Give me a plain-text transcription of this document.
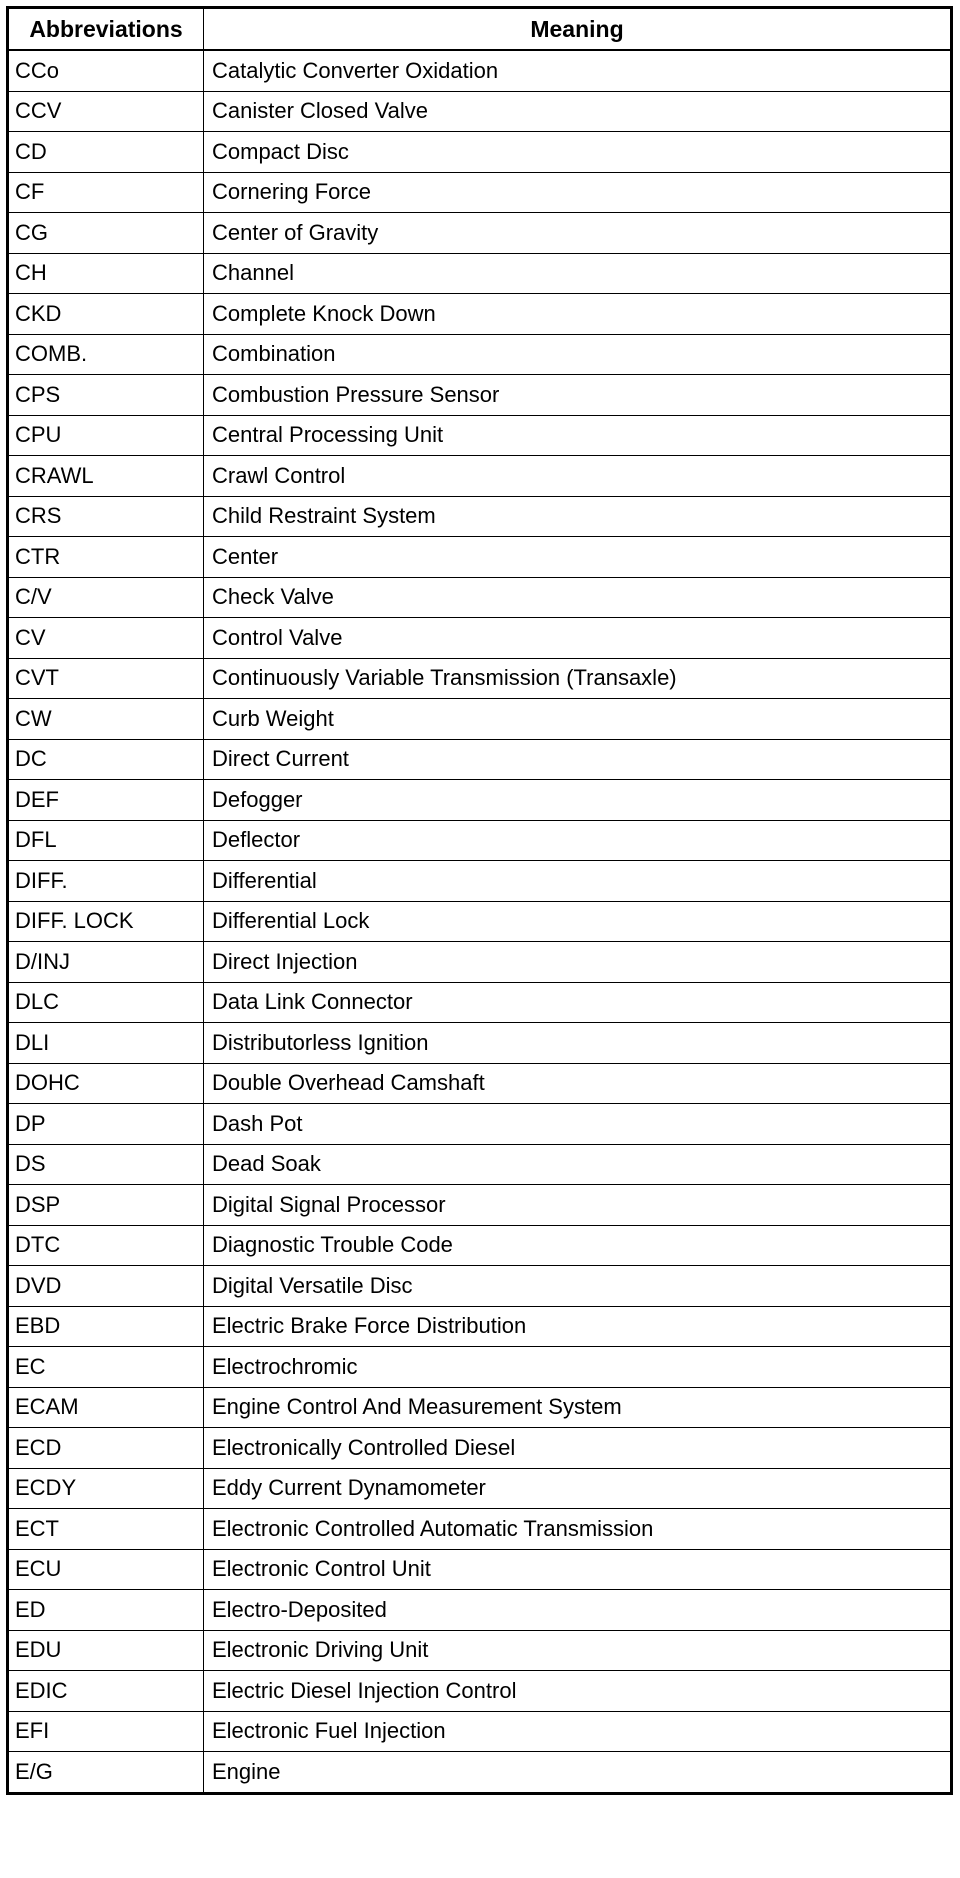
Abbreviations	Meaning
CCo	Catalytic Converter Oxidation
CCV	Canister Closed Valve
CD	Compact Disc
CF	Cornering Force
CG	Center of Gravity
CH	Channel
CKD	Complete Knock Down
COMB.	Combination
CPS	Combustion Pressure Sensor
CPU	Central Processing Unit
CRAWL	Crawl Control
CRS	Child Restraint System
CTR	Center
C/V	Check Valve
CV	Control Valve
CVT	Continuously Variable Transmission (Transaxle)
CW	Curb Weight
DC	Direct Current
DEF	Defogger
DFL	Deflector
DIFF.	Differential
DIFF. LOCK	Differential Lock
D/INJ	Direct Injection
DLC	Data Link Connector
DLI	Distributorless Ignition
DOHC	Double Overhead Camshaft
DP	Dash Pot
DS	Dead Soak
DSP	Digital Signal Processor
DTC	Diagnostic Trouble Code
DVD	Digital Versatile Disc
EBD	Electric Brake Force Distribution
EC	Electrochromic
ECAM	Engine Control And Measurement System
ECD	Electronically Controlled Diesel
ECDY	Eddy Current Dynamometer
ECT	Electronic Controlled Automatic Transmission
ECU	Electronic Control Unit
ED	Electro-Deposited
EDU	Electronic Driving Unit
EDIC	Electric Diesel Injection Control
EFI	Electronic Fuel Injection
E/G	Engine
